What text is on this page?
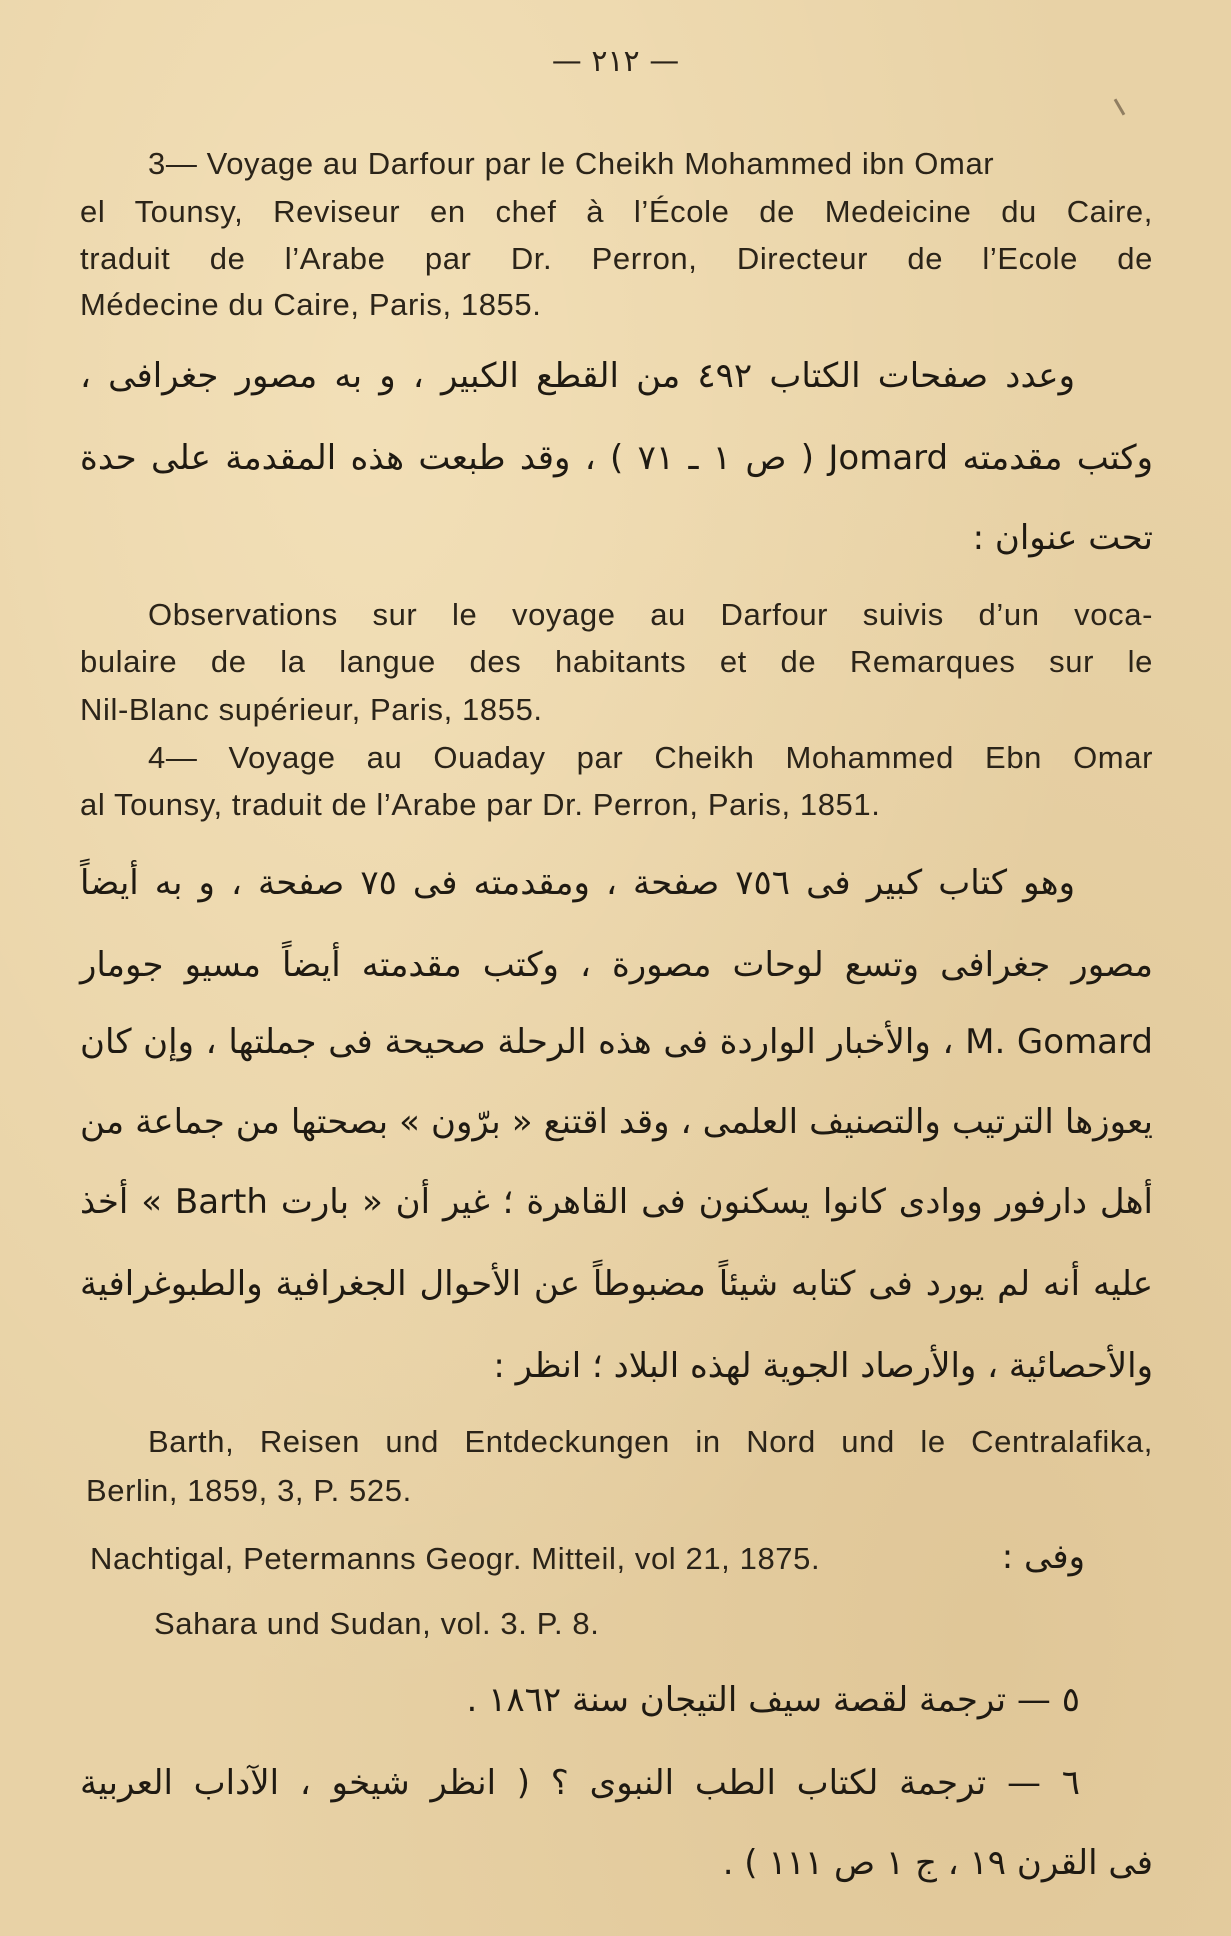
— ٢١٢ —

3— Voyage au Darfour par le Cheikh Mohammed ibn Omar

el Tounsy, Reviseur en chef à l’École de Medeicine du Caire,

traduit de l’Arabe par Dr. Perron, Directeur de l’Ecole de

Médecine du Caire, Paris, 1855.

وعدد صفحات الكتاب ٤٩٢ من القطع الكبير ، و به مصور جغرافى ،

وكتب مقدمته Jomard ( ص ١ ـ ٧١ ) ، وقد طبعت هذه المقدمة على حدة

تحت عنوان :

Observations sur le voyage au Darfour suivis d’un voca-

bulaire de la langue des habitants et de Remarques sur le

Nil-Blanc supérieur, Paris, 1855.

4— Voyage au Ouaday par Cheikh Mohammed Ebn Omar

al Tounsy, traduit de l’Arabe par Dr. Perron, Paris, 1851.

وهو كتاب كبير فى ٧٥٦ صفحة ، ومقدمته فى ٧٥ صفحة ، و به أيضاً

مصور جغرافى وتسع لوحات مصورة ، وكتب مقدمته أيضاً مسيو جومار

M. Gomard ، والأخبار الواردة فى هذه الرحلة صحيحة فى جملتها ، وإن كان

يعوزها الترتيب والتصنيف العلمى ، وقد اقتنع « برّون » بصحتها من جماعة من

أهل دارفور ووادى كانوا يسكنون فى القاهرة ؛ غير أن « بارت Barth » أخذ

عليه أنه لم يورد فى كتابه شيئاً مضبوطاً عن الأحوال الجغرافية والطبوغرافية

والأحصائية ، والأرصاد الجوية لهذه البلاد ؛ انظر :

Barth, Reisen und Entdeckungen in Nord und le Centralafika,

Berlin, 1859, 3, P. 525.

Nachtigal, Petermanns Geogr. Mitteil, vol 21, 1875.	وفى :

Sahara und Sudan, vol. 3. P. 8.

٥ — ترجمة لقصة سيف التيجان سنة ١٨٦٢ .

٦ — ترجمة لكتاب الطب النبوى ؟ ( انظر شيخو ، الآداب العربية

فى القرن ١٩ ، ج ١ ص ١١١ ) .
